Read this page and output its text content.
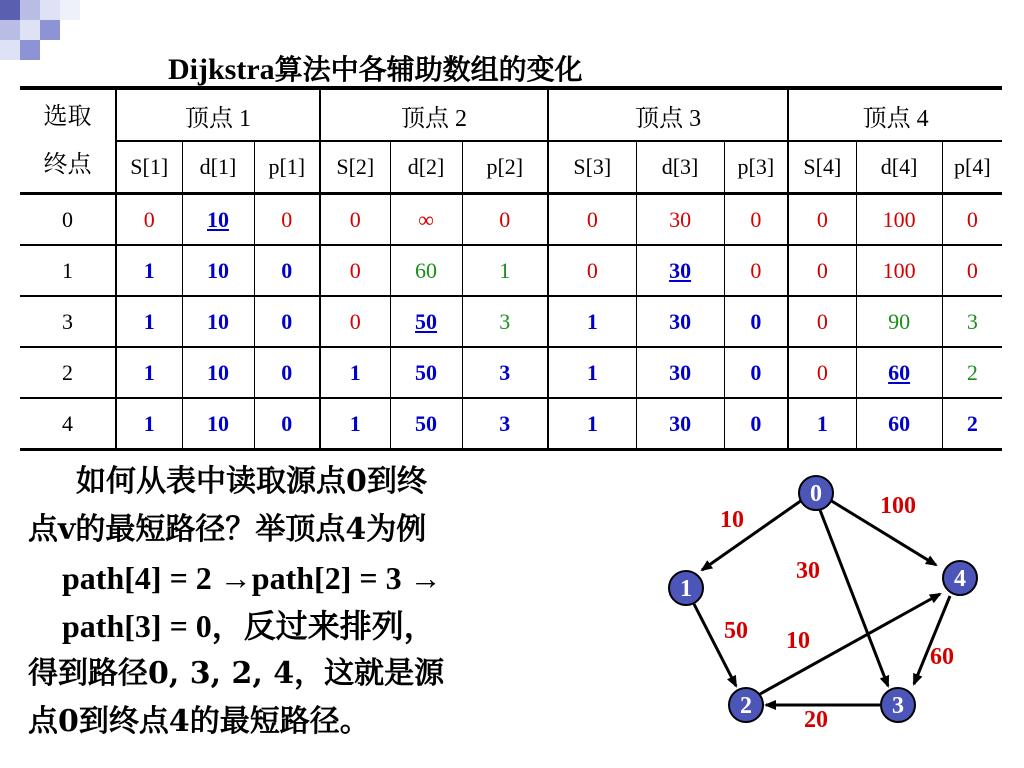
Dijkstra算法中各辅助数组的变化
选取
终点	顶点 1			顶点 2			顶点 3			顶点 4		
	S[1]	d[1]	p[1]	S[2]	d[2]	p[2]	S[3]	d[3]	p[3]	S[4]	d[4]	p[4]
0	0	10	0	0	∞	0	0	30	0	0	100	0
1	1	10	0	0	60	1	0	30	0	0	100	0
3	1	10	0	0	50	3	1	30	0	0	90	3
2	1	10	0	1	50	3	1	30	0	0	60	2
4	1	10	0	1	50	3	1	30	0	1	60	2
如何从表中读取源点0到终
点v的最短路径？举顶点4为例
path[4] = 2 →path[2] = 3 →
path[3] = 0，反过来排列，
得到路径0, 3, 2, 4，这就是源
点0到终点4的最短路径。
0
1
2	3
4
10
100
30
50 10
60
20
